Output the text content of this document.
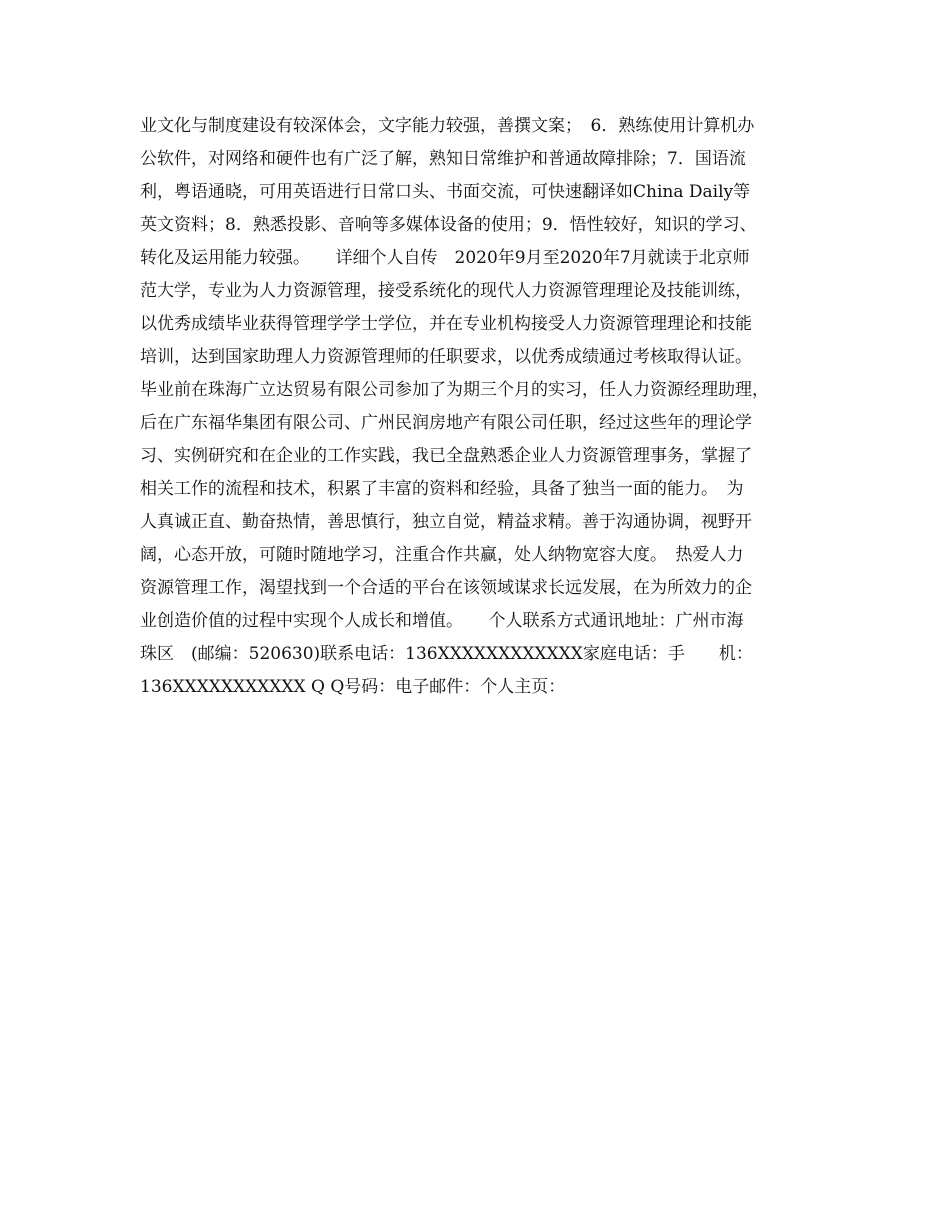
业文化与制度建设有较深体会，文字能力较强，善撰文案；　6．熟练使用计算机办
公软件，对网络和硬件也有广泛了解，熟知日常维护和普通故障排除；7．国语流
利，粤语通晓，可用英语进行日常口头、书面交流，可快速翻译如China Daily等
英文资料；8．熟悉投影、音响等多媒体设备的使用；9．悟性较好，知识的学习、
转化及运用能力较强。　　详细个人自传　2020年9月至2020年7月就读于北京师
范大学，专业为人力资源管理，接受系统化的现代人力资源管理理论及技能训练，
以优秀成绩毕业获得管理学学士学位，并在专业机构接受人力资源管理理论和技能
培训，达到国家助理人力资源管理师的任职要求，以优秀成绩通过考核取得认证。
毕业前在珠海广立达贸易有限公司参加了为期三个月的实习，任人力资源经理助理，
后在广东福华集团有限公司、广州民润房地产有限公司任职，经过这些年的理论学
习、实例研究和在企业的工作实践，我已全盘熟悉企业人力资源管理事务，掌握了
相关工作的流程和技术，积累了丰富的资料和经验，具备了独当一面的能力。　为
人真诚正直、勤奋热情，善思慎行，独立自觉，精益求精。善于沟通协调，视野开
阔，心态开放，可随时随地学习，注重合作共赢，处人纳物宽容大度。　热爱人力
资源管理工作，渴望找到一个合适的平台在该领域谋求长远发展，在为所效力的企
业创造价值的过程中实现个人成长和增值。　　个人联系方式通讯地址：广州市海
珠区　(邮编：520630)联系电话：136XXXXXXXXXXXX家庭电话：手　　机：
136XXXXXXXXXXX Q Q号码：电子邮件：个人主页：
